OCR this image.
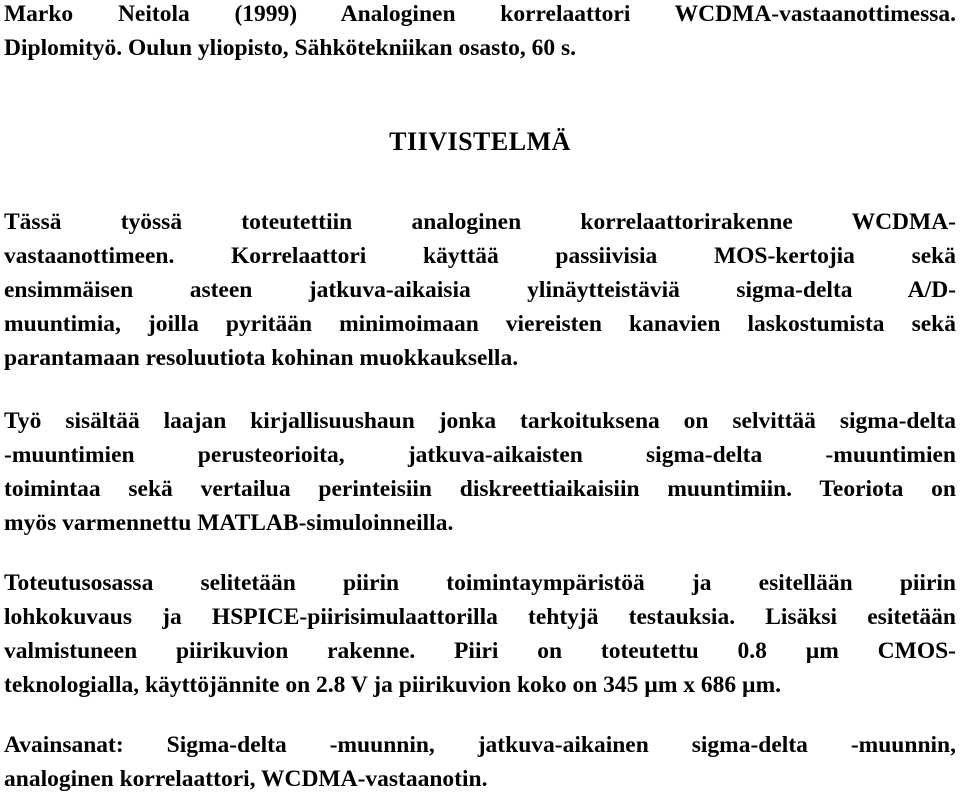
Marko Neitola (1999) Analoginen korrelaattori WCDMA-vastaanottimessa.
Diplomityö. Oulun yliopisto, Sähkötekniikan osasto, 60 s.
TIIVISTELMÄ
Tässä työssä toteutettiin analoginen korrelaattorirakenne WCDMA-
vastaanottimeen. Korrelaattori käyttää passiivisia MOS-kertojia sekä
ensimmäisen asteen jatkuva-aikaisia ylinäytteistäviä sigma-delta A/D-
muuntimia, joilla pyritään minimoimaan viereisten kanavien laskostumista sekä
parantamaan resoluutiota kohinan muokkauksella.
Työ sisältää laajan kirjallisuushaun jonka tarkoituksena on selvittää sigma-delta
-muuntimien perusteorioita, jatkuva-aikaisten sigma-delta -muuntimien
toimintaa sekä vertailua perinteisiin diskreettiaikaisiin muuntimiin. Teoriota on
myös varmennettu MATLAB-simuloinneilla.
Toteutusosassa selitetään piirin toimintaympäristöä ja esitellään piirin
lohkokuvaus ja HSPICE-piirisimulaattorilla tehtyjä testauksia. Lisäksi esitetään
valmistuneen piirikuvion rakenne. Piiri on toteutettu 0.8 µm CMOS-
teknologialla, käyttöjännite on 2.8 V ja piirikuvion koko on 345 µm x 686 µm.
Avainsanat: Sigma-delta -muunnin, jatkuva-aikainen sigma-delta -muunnin,
analoginen korrelaattori, WCDMA-vastaanotin.
